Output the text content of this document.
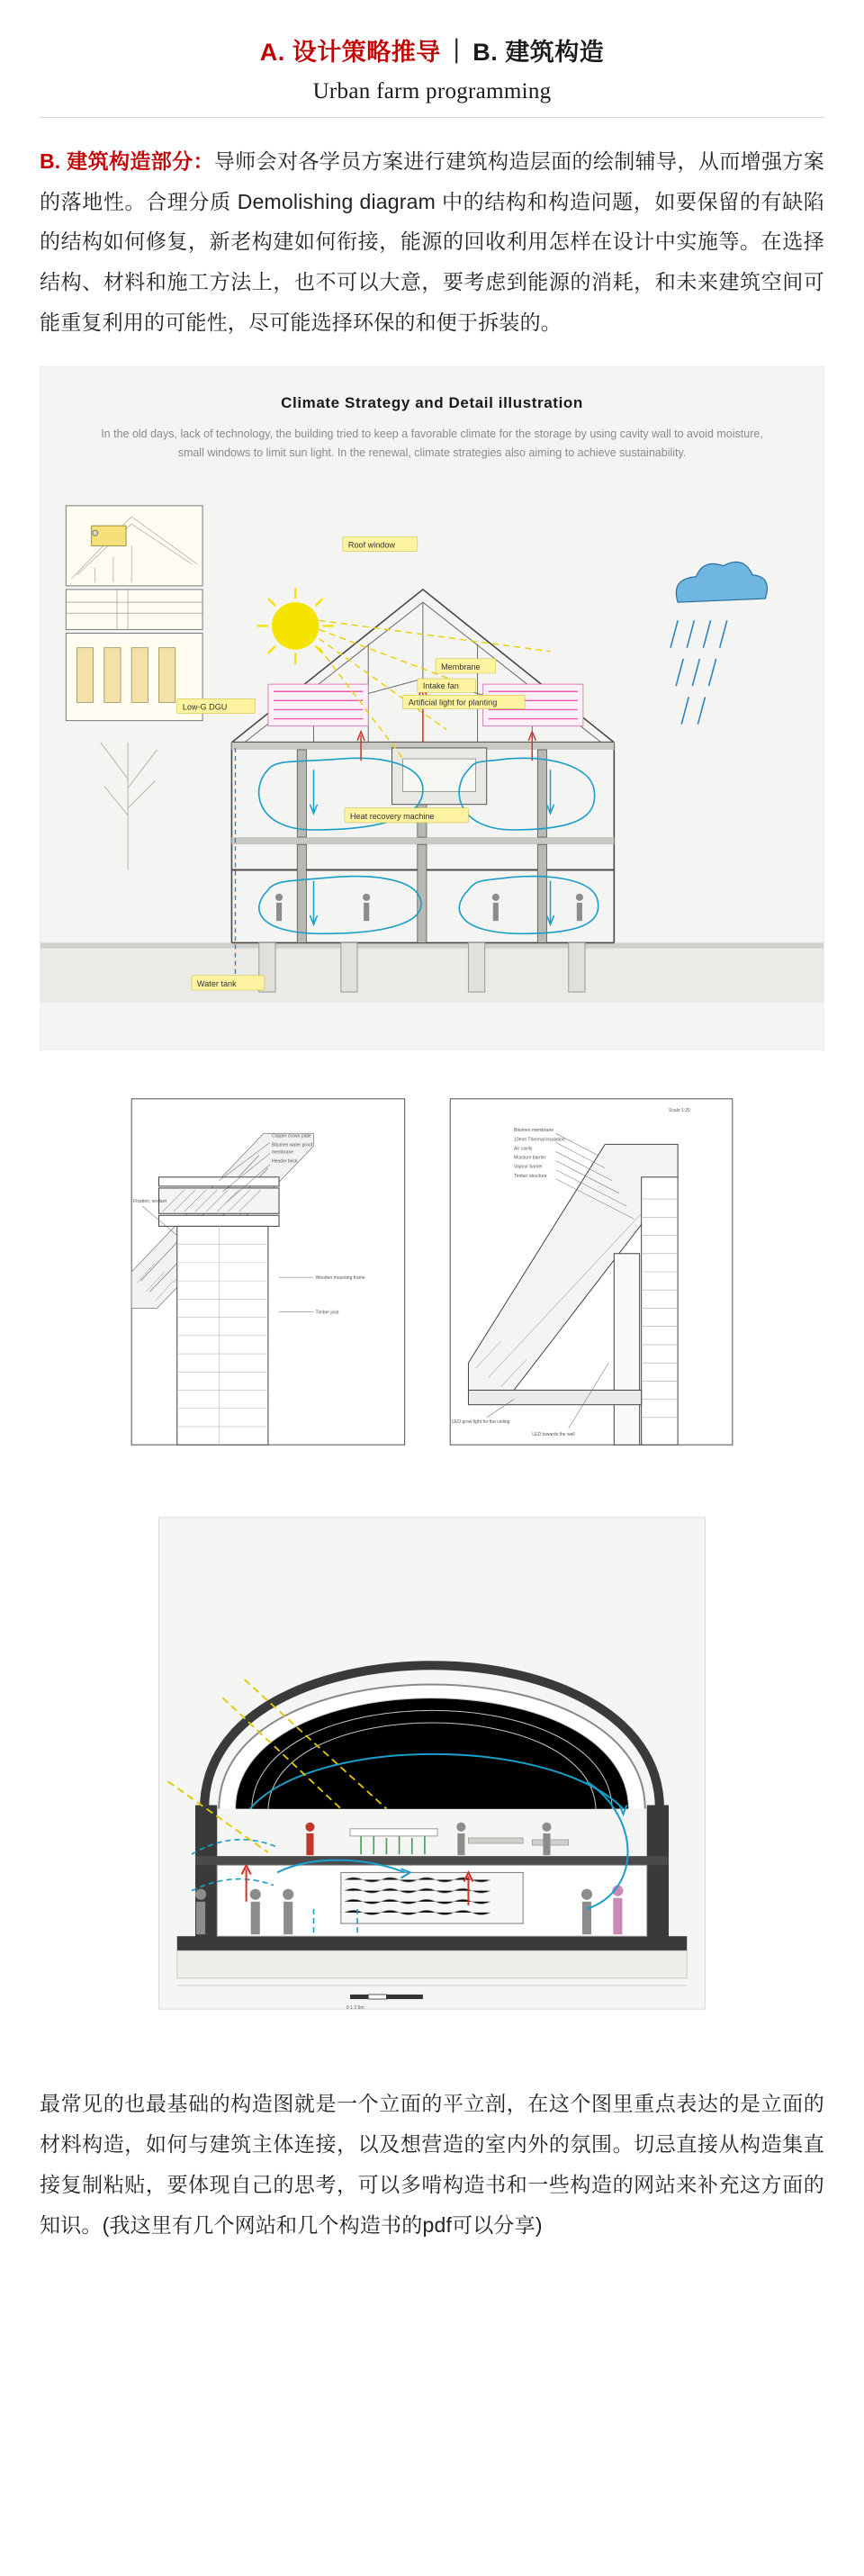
A. 设计策略推导 ｜ B. 建筑构造
Urban farm programming
B. 建筑构造部分：导师会对各学员方案进行建筑构造层面的绘制辅导，从而增强方案的落地性。合理分质 Demolishing diagram 中的结构和构造问题，如要保留的有缺陷的结构如何修复，新老构建如何衔接，能源的回收利用怎样在设计中实施等。在选择结构、材料和施工方法上，也不可以大意，要考虑到能源的消耗，和未来建筑空间可能重复利用的可能性，尽可能选择环保的和便于拆装的。
Climate Strategy and Detail illustration
In the old days, lack of technology, the building tried to keep a favorable climate for the storage by using cavity wall to avoid moisture, small windows to limit sun light. In the renewal, climate strategies also aiming to achieve sustainability.
Roof window
Membrane
Intake fan
Artificial light for planting
Low-G DGU
Heat recovery machine
Water tank
Copper crown plate
Bitumen water proof
membrane
Header brick
Fixation, sealant
Wooden mounting frame
Timber joist
Scale 1:20
Bitumen membrane
10mm Thermal insulation
Air cavity
Moisture barrier
Vapour barrier
Timber structure
LED grow light for the ceiling
LED towards the wall
0 1 2 5m
最常见的也最基础的构造图就是一个立面的平立剖，在这个图里重点表达的是立面的材料构造，如何与建筑主体连接，以及想营造的室内外的氛围。切忌直接从构造集直接复制粘贴，要体现自己的思考，可以多啃构造书和一些构造的网站来补充这方面的知识。(我这里有几个网站和几个构造书的pdf可以分享)
